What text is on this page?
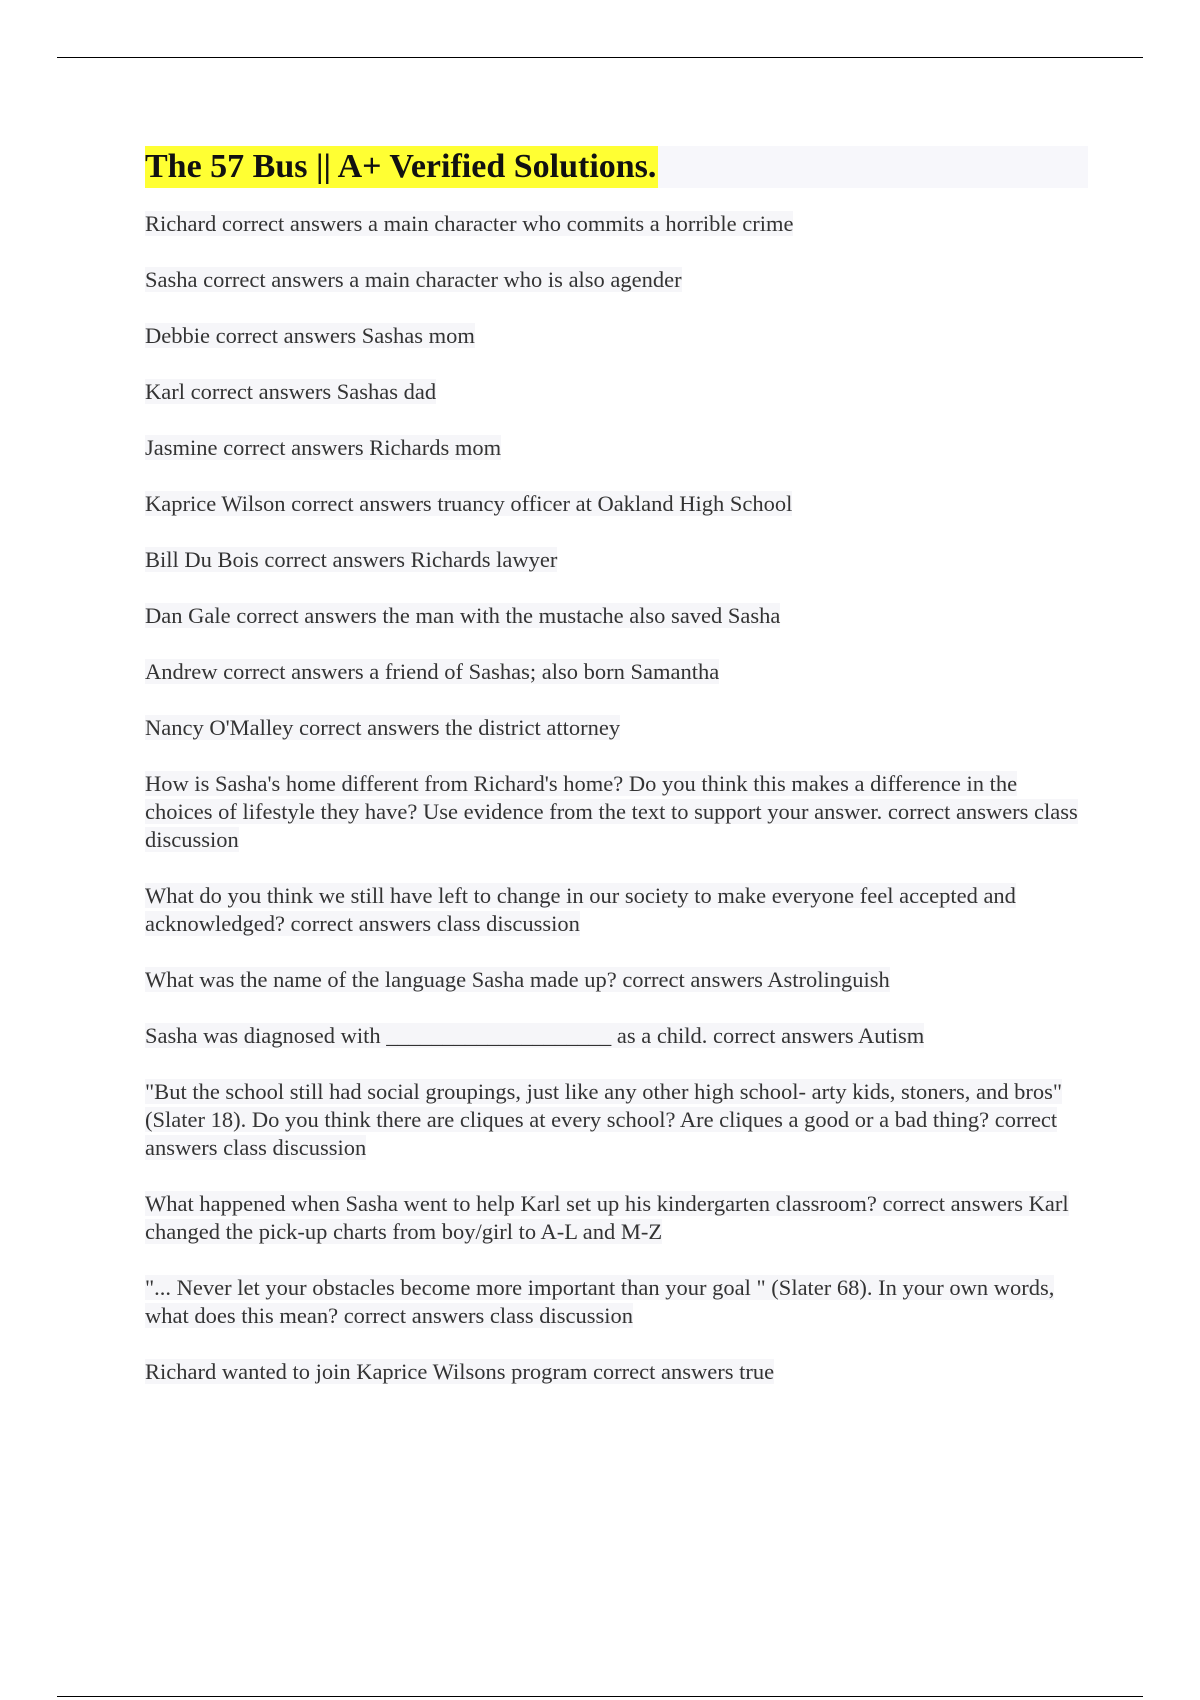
The 57 Bus || A+ Verified Solutions.
Richard correct answers a main character who commits a horrible crime
Sasha correct answers a main character who is also agender
Debbie correct answers Sashas mom
Karl correct answers Sashas dad
Jasmine correct answers Richards mom
Kaprice Wilson correct answers truancy officer at Oakland High School
Bill Du Bois correct answers Richards lawyer
Dan Gale correct answers the man with the mustache also saved Sasha
Andrew correct answers a friend of Sashas; also born Samantha
Nancy O'Malley correct answers the district attorney
How is Sasha's home different from Richard's home? Do you think this makes a difference in the choices of lifestyle they have? Use evidence from the text to support your answer. correct answers class discussion
What do you think we still have left to change in our society to make everyone feel accepted and acknowledged? correct answers class discussion
What was the name of the language Sasha made up? correct answers Astrolinguish
Sasha was diagnosed with ____________________ as a child. correct answers Autism
"But the school still had social groupings, just like any other high school- arty kids, stoners, and bros" (Slater 18). Do you think there are cliques at every school? Are cliques a good or a bad thing? correct answers class discussion
What happened when Sasha went to help Karl set up his kindergarten classroom? correct answers Karl changed the pick-up charts from boy/girl to A-L and M-Z
"... Never let your obstacles become more important than your goal " (Slater 68). In your own words, what does this mean? correct answers class discussion
Richard wanted to join Kaprice Wilsons program correct answers true
